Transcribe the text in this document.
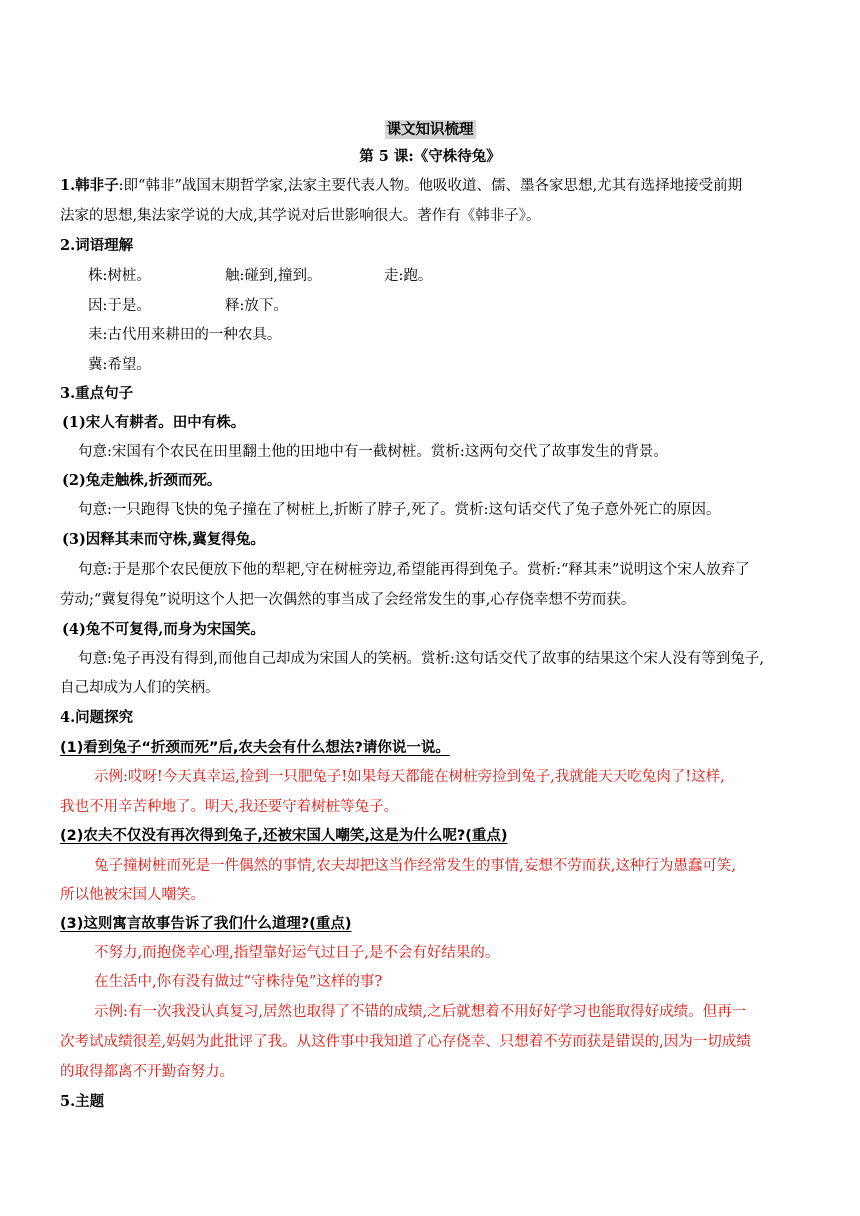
课文知识梳理
第 5 课:《守株待兔》
1.韩非子:即“韩非”战国末期哲学家,法家主要代表人物。他吸收道、儒、墨各家思想,尤其有选择地接受前期
法家的思想,集法家学说的大成,其学说对后世影响很大。著作有《韩非子》。
2.词语理解
株:树桩。	触:碰到,撞到。	走:跑。
因:于是。	释:放下。
耒:古代用来耕田的一种农具。
冀:希望。
3.重点句子
(1)宋人有耕者。田中有株。
句意:宋国有个农民在田里翻土他的田地中有一截树桩。赏析:这两句交代了故事发生的背景。
(2)兔走触株,折颈而死。
句意:一只跑得飞快的兔子撞在了树桩上,折断了脖子,死了。赏析:这句话交代了兔子意外死亡的原因。
(3)因释其耒而守株,冀复得兔。
句意:于是那个农民便放下他的犁耙,守在树桩旁边,希望能再得到兔子。赏析:“释其耒”说明这个宋人放弃了
劳动;“冀复得兔”说明这个人把一次偶然的事当成了会经常发生的事,心存侥幸想不劳而获。
(4)兔不可复得,而身为宋国笑。
句意:兔子再没有得到,而他自己却成为宋国人的笑柄。赏析:这句话交代了故事的结果这个宋人没有等到兔子,
自己却成为人们的笑柄。
4.问题探究
(1)看到兔子“折颈而死”后,农夫会有什么想法?请你说一说。
示例:哎呀!今天真幸运,捡到一只肥兔子!如果每天都能在树桩旁捡到兔子,我就能天天吃兔肉了!这样,
我也不用辛苦种地了。明天,我还要守着树桩等兔子。
(2)农夫不仅没有再次得到兔子,还被宋国人嘲笑,这是为什么呢?(重点)
兔子撞树桩而死是一件偶然的事情,农夫却把这当作经常发生的事情,妄想不劳而获,这种行为愚蠢可笑,
所以他被宋国人嘲笑。
(3)这则寓言故事告诉了我们什么道理?(重点)
不努力,而抱侥幸心理,指望靠好运气过日子,是不会有好结果的。
在生活中,你有没有做过“守株待兔”这样的事?
示例:有一次我没认真复习,居然也取得了不错的成绩,之后就想着不用好好学习也能取得好成绩。但再一
次考试成绩很差,妈妈为此批评了我。从这件事中我知道了心存侥幸、只想着不劳而获是错误的,因为一切成绩
的取得都离不开勤奋努力。
5.主题
